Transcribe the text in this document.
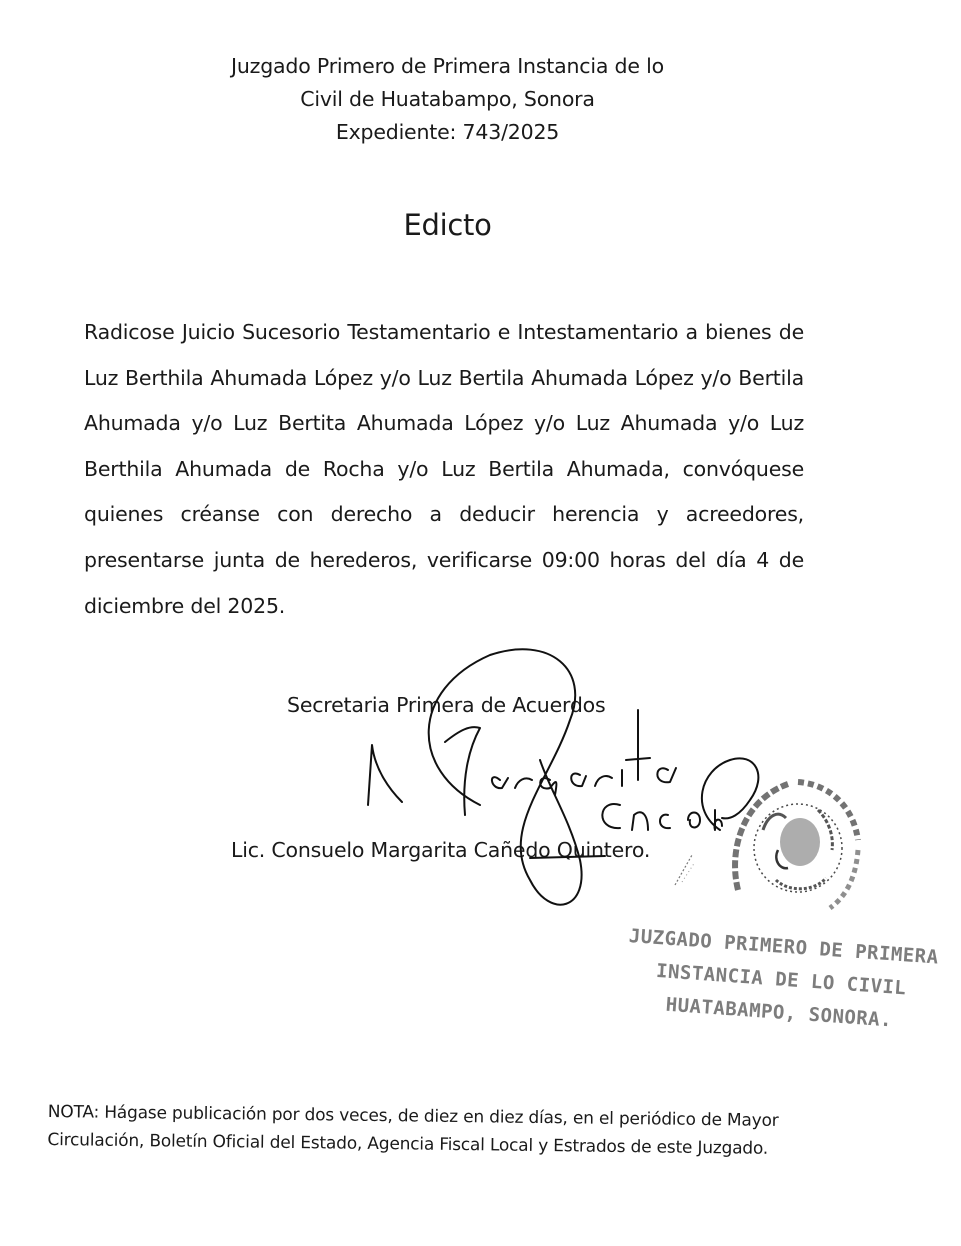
Juzgado Primero de Primera Instancia de lo
Civil de Huatabampo, Sonora
Expediente: 743/2025
Edicto
Radicose Juicio Sucesorio Testamentario e Intestamentario a bienes de Luz Berthila Ahumada López y/o Luz Bertila Ahumada López y/o Bertila Ahumada y/o Luz Bertita Ahumada López y/o Luz Ahumada y/o Luz Berthila Ahumada de Rocha y/o Luz Bertila Ahumada, convóquese quienes créanse con derecho a deducir herencia y acreedores, presentarse junta de herederos, verificarse 09:00 horas del día 4 de diciembre del 2025.
Secretaria Primera de Acuerdos
Lic. Consuelo Margarita Cañedo Quintero.
JUZGADO PRIMERO DE PRIMERA
INSTANCIA DE LO CIVIL
HUATABAMPO, SONORA.
NOTA: Hágase publicación por dos veces, de diez en diez días, en el periódico de Mayor Circulación, Boletín Oficial del Estado, Agencia Fiscal Local y Estrados de este Juzgado.
